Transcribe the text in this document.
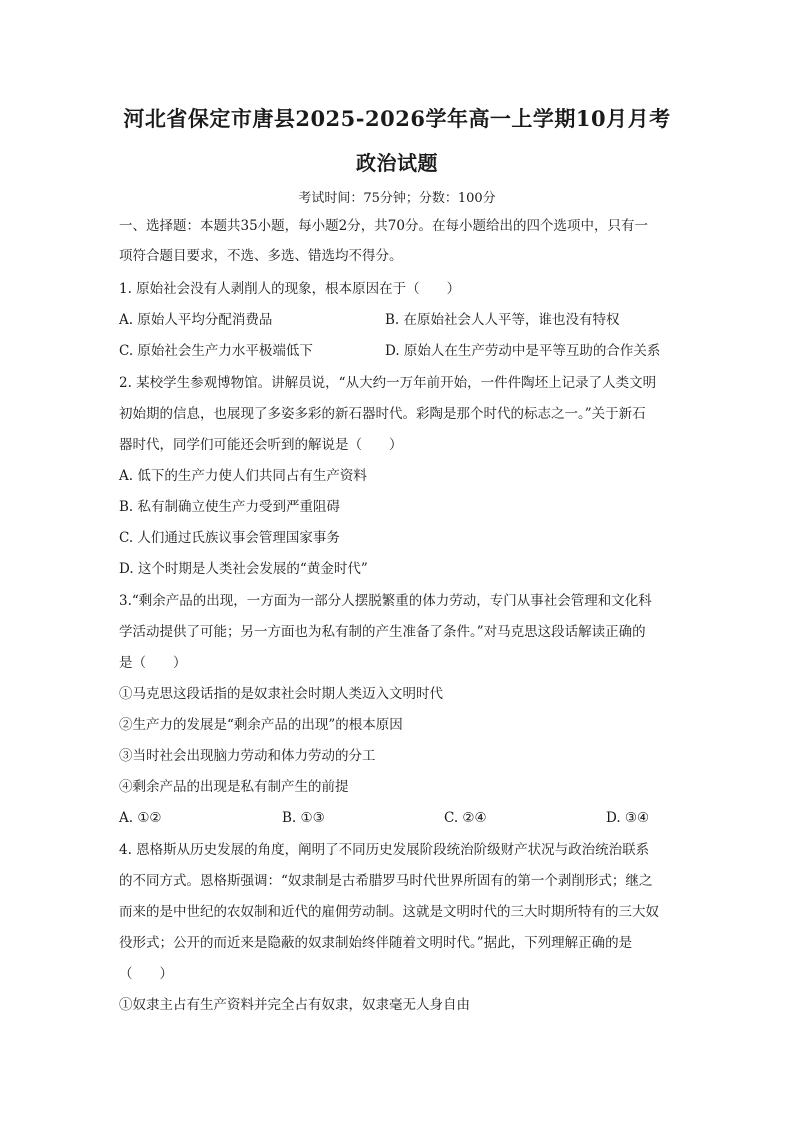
河北省保定市唐县2025-2026学年高一上学期10月月考
政治试题
考试时间：75分钟；分数：100分
一、选择题：本题共35小题，每小题2分，共70分。在每小题给出的四个选项中，只有一
项符合题目要求，不选、多选、错选均不得分。
1. 原始社会没有人剥削人的现象，根本原因在于（　　）
A. 原始人平均分配消费品	B. 在原始社会人人平等，谁也没有特权
C. 原始社会生产力水平极端低下	D. 原始人在生产劳动中是平等互助的合作关系
2. 某校学生参观博物馆。讲解员说，“从大约一万年前开始，一件件陶坯上记录了人类文明
初始期的信息，也展现了多姿多彩的新石器时代。彩陶是那个时代的标志之一。”关于新石
器时代，同学们可能还会听到的解说是（　　）
A. 低下的生产力使人们共同占有生产资料
B. 私有制确立使生产力受到严重阻碍
C. 人们通过氏族议事会管理国家事务
D. 这个时期是人类社会发展的“黄金时代”
3.“剩余产品的出现，一方面为一部分人摆脱繁重的体力劳动，专门从事社会管理和文化科
学活动提供了可能；另一方面也为私有制的产生准备了条件。”对马克思这段话解读正确的
是（　　）
①马克思这段话指的是奴隶社会时期人类迈入文明时代
②生产力的发展是“剩余产品的出现”的根本原因
③当时社会出现脑力劳动和体力劳动的分工
④剩余产品的出现是私有制产生的前提
A. ①②	B. ①③	C. ②④	D. ③④
4. 恩格斯从历史发展的角度，阐明了不同历史发展阶段统治阶级财产状况与政治统治联系
的不同方式。恩格斯强调：“奴隶制是古希腊罗马时代世界所固有的第一个剥削形式；继之
而来的是中世纪的农奴制和近代的雇佣劳动制。这就是文明时代的三大时期所特有的三大奴
役形式；公开的而近来是隐蔽的奴隶制始终伴随着文明时代。”据此，下列理解正确的是
（　　）
①奴隶主占有生产资料并完全占有奴隶，奴隶毫无人身自由
